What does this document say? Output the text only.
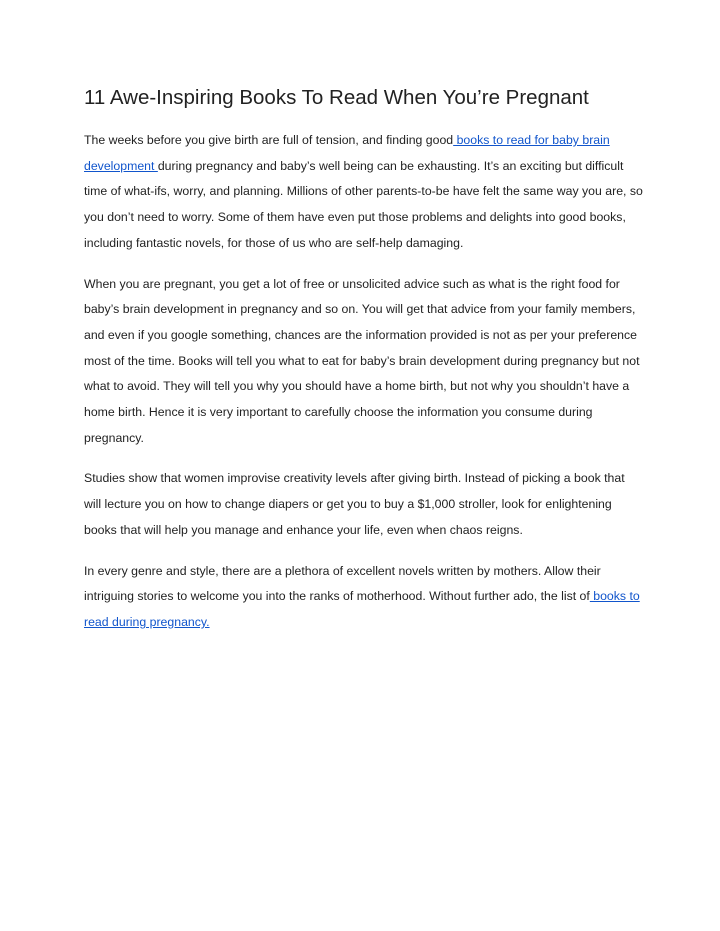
11 Awe-Inspiring Books To Read When You’re Pregnant

The weeks before you give birth are full of tension, and finding good books to read for baby brain development during pregnancy and baby’s well being can be exhausting. It’s an exciting but difficult time of what-ifs, worry, and planning. Millions of other parents-to-be have felt the same way you are, so you don’t need to worry. Some of them have even put those problems and delights into good books, including fantastic novels, for those of us who are self-help damaging.

When you are pregnant, you get a lot of free or unsolicited advice such as what is the right food for baby’s brain development in pregnancy and so on. You will get that advice from your family members, and even if you google something, chances are the information provided is not as per your preference most of the time. Books will tell you what to eat for baby’s brain development during pregnancy but not what to avoid. They will tell you why you should have a home birth, but not why you shouldn’t have a home birth. Hence it is very important to carefully choose the information you consume during pregnancy.

Studies show that women improvise creativity levels after giving birth. Instead of picking a book that will lecture you on how to change diapers or get you to buy a $1,000 stroller, look for enlightening books that will help you manage and enhance your life, even when chaos reigns.

In every genre and style, there are a plethora of excellent novels written by mothers. Allow their intriguing stories to welcome you into the ranks of motherhood. Without further ado, the list of books to read during pregnancy.
